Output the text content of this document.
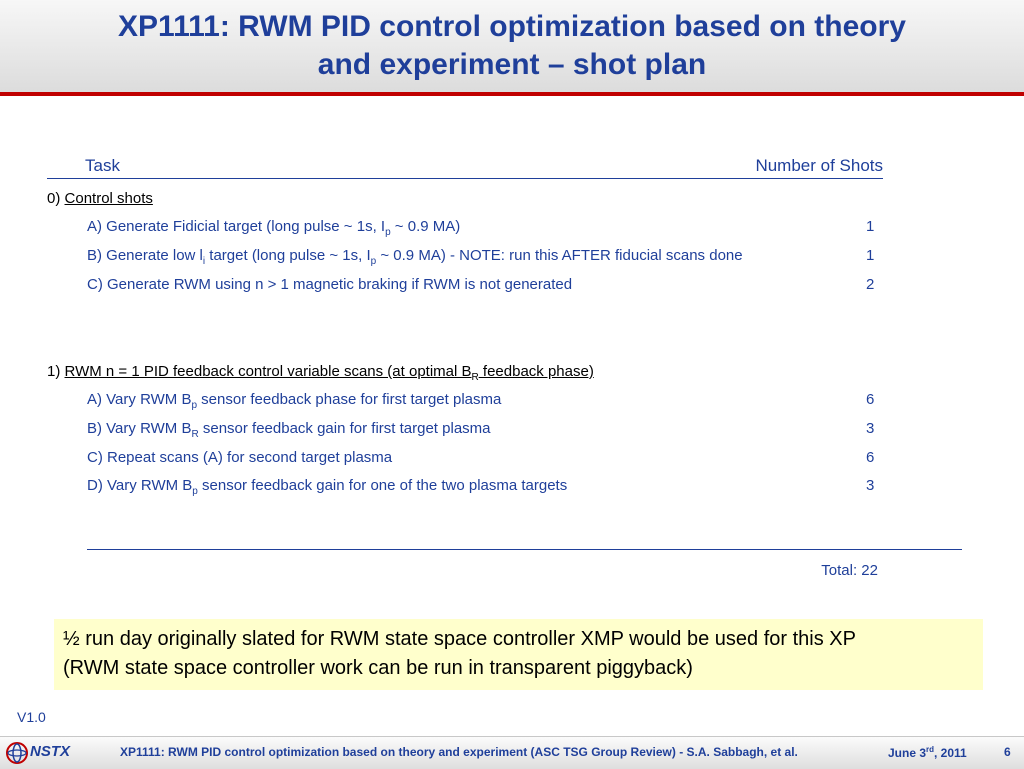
XP1111: RWM PID control optimization based on theory
and experiment – shot plan
Task	Number of Shots
0) Control shots
A) Generate Fidicial target (long pulse ~ 1s, $I_p$ ~ 0.9 MA)	1
B) Generate low $l_i$ target (long pulse ~ 1s, $I_p$ ~ 0.9 MA) - NOTE: run this AFTER fiducial scans done	1
C) Generate RWM using n > 1 magnetic braking if RWM is not generated	2
1) RWM n = 1 PID feedback control variable scans (at optimal $B_R$ feedback phase)
A) Vary RWM $B_p$ sensor feedback phase for first target plasma	6
B) Vary RWM $B_R$ sensor feedback gain for first target plasma	3
C) Repeat scans (A) for second target plasma	6
D) Vary RWM $B_p$ sensor feedback gain for one of the two plasma targets	3
Total: 22
½ run day originally slated for RWM state space controller XMP would be used for this XP
(RWM state space controller work can be run in transparent piggyback)
V1.0
NSTX	XP1111: RWM PID control optimization based on theory and experiment (ASC TSG Group Review) - S.A. Sabbagh, et al.	June 3rd, 2011	6
